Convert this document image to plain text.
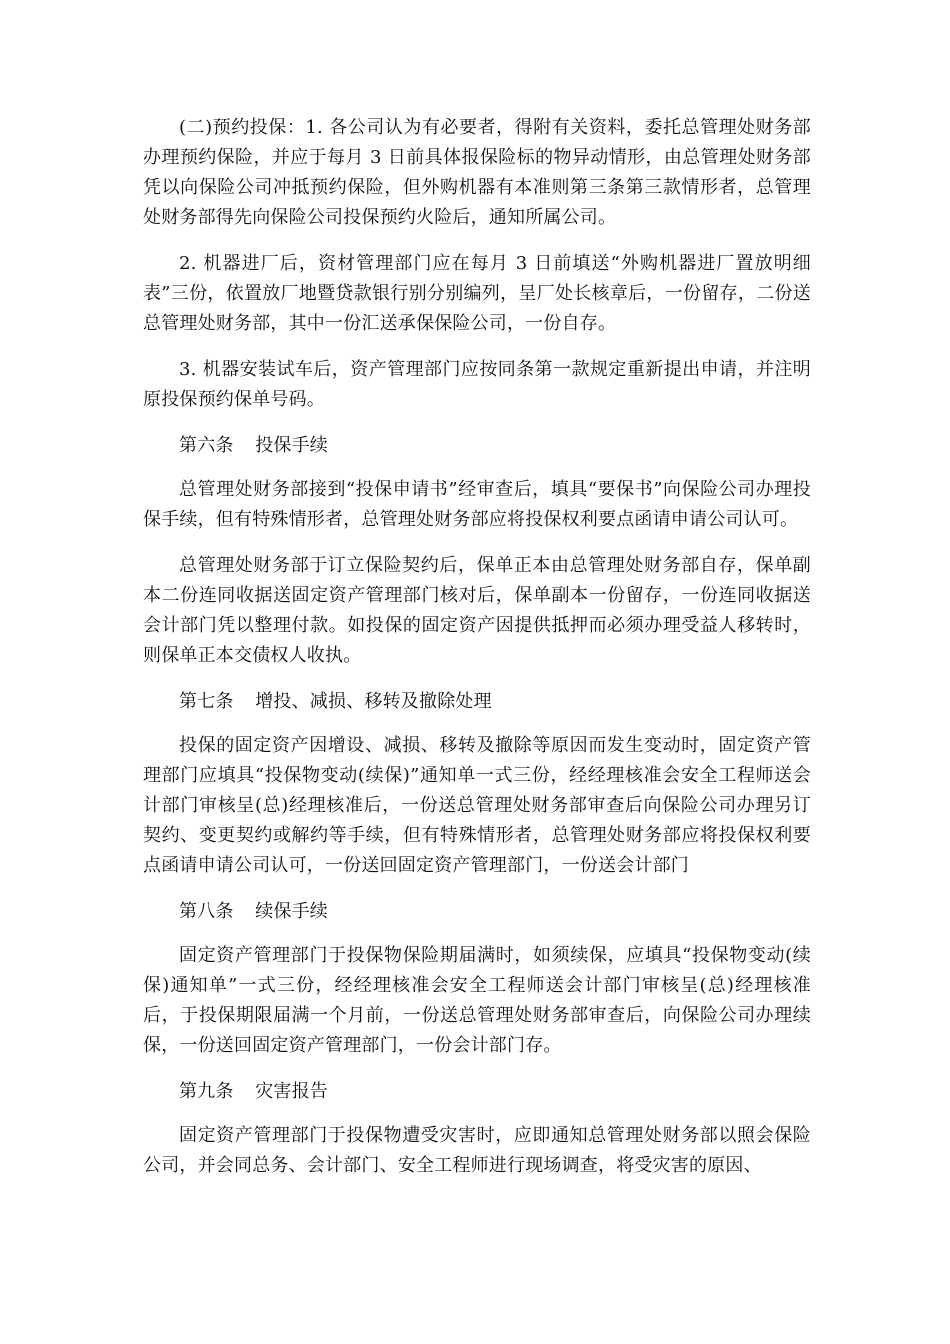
(二)预约投保：1. 各公司认为有必要者，得附有关资料，委托总管理处财务部办理预约保险，并应于每月 3 日前具体报保险标的物异动情形，由总管理处财务部凭以向保险公司冲抵预约保险，但外购机器有本准则第三条第三款情形者，总管理处财务部得先向保险公司投保预约火险后，通知所属公司。

2. 机器进厂后，资材管理部门应在每月 3 日前填送“外购机器进厂置放明细表”三份，依置放厂地暨贷款银行别分别编列，呈厂处长核章后，一份留存，二份送总管理处财务部，其中一份汇送承保保险公司，一份自存。

3. 机器安装试车后，资产管理部门应按同条第一款规定重新提出申请，并注明原投保预约保单号码。

第六条 投保手续

总管理处财务部接到“投保申请书”经审查后，填具“要保书”向保险公司办理投保手续，但有特殊情形者，总管理处财务部应将投保权利要点函请申请公司认可。

总管理处财务部于订立保险契约后，保单正本由总管理处财务部自存，保单副本二份连同收据送固定资产管理部门核对后，保单副本一份留存，一份连同收据送会计部门凭以整理付款。如投保的固定资产因提供抵押而必须办理受益人移转时，则保单正本交债权人收执。

第七条 增投、减损、移转及撤除处理

投保的固定资产因增设、减损、移转及撤除等原因而发生变动时，固定资产管理部门应填具“投保物变动(续保)”通知单一式三份，经经理核准会安全工程师送会计部门审核呈(总)经理核准后，一份送总管理处财务部审查后向保险公司办理另订契约、变更契约或解约等手续，但有特殊情形者，总管理处财务部应将投保权利要点函请申请公司认可，一份送回固定资产管理部门，一份送会计部门

第八条 续保手续

固定资产管理部门于投保物保险期届满时，如须续保，应填具“投保物变动(续保)通知单”一式三份，经经理核准会安全工程师送会计部门审核呈(总)经理核准后，于投保期限届满一个月前，一份送总管理处财务部审查后，向保险公司办理续保，一份送回固定资产管理部门，一份会计部门存。

第九条 灾害报告

固定资产管理部门于投保物遭受灾害时，应即通知总管理处财务部以照会保险公司，并会同总务、会计部门、安全工程师进行现场调查，将受灾害的原因、
